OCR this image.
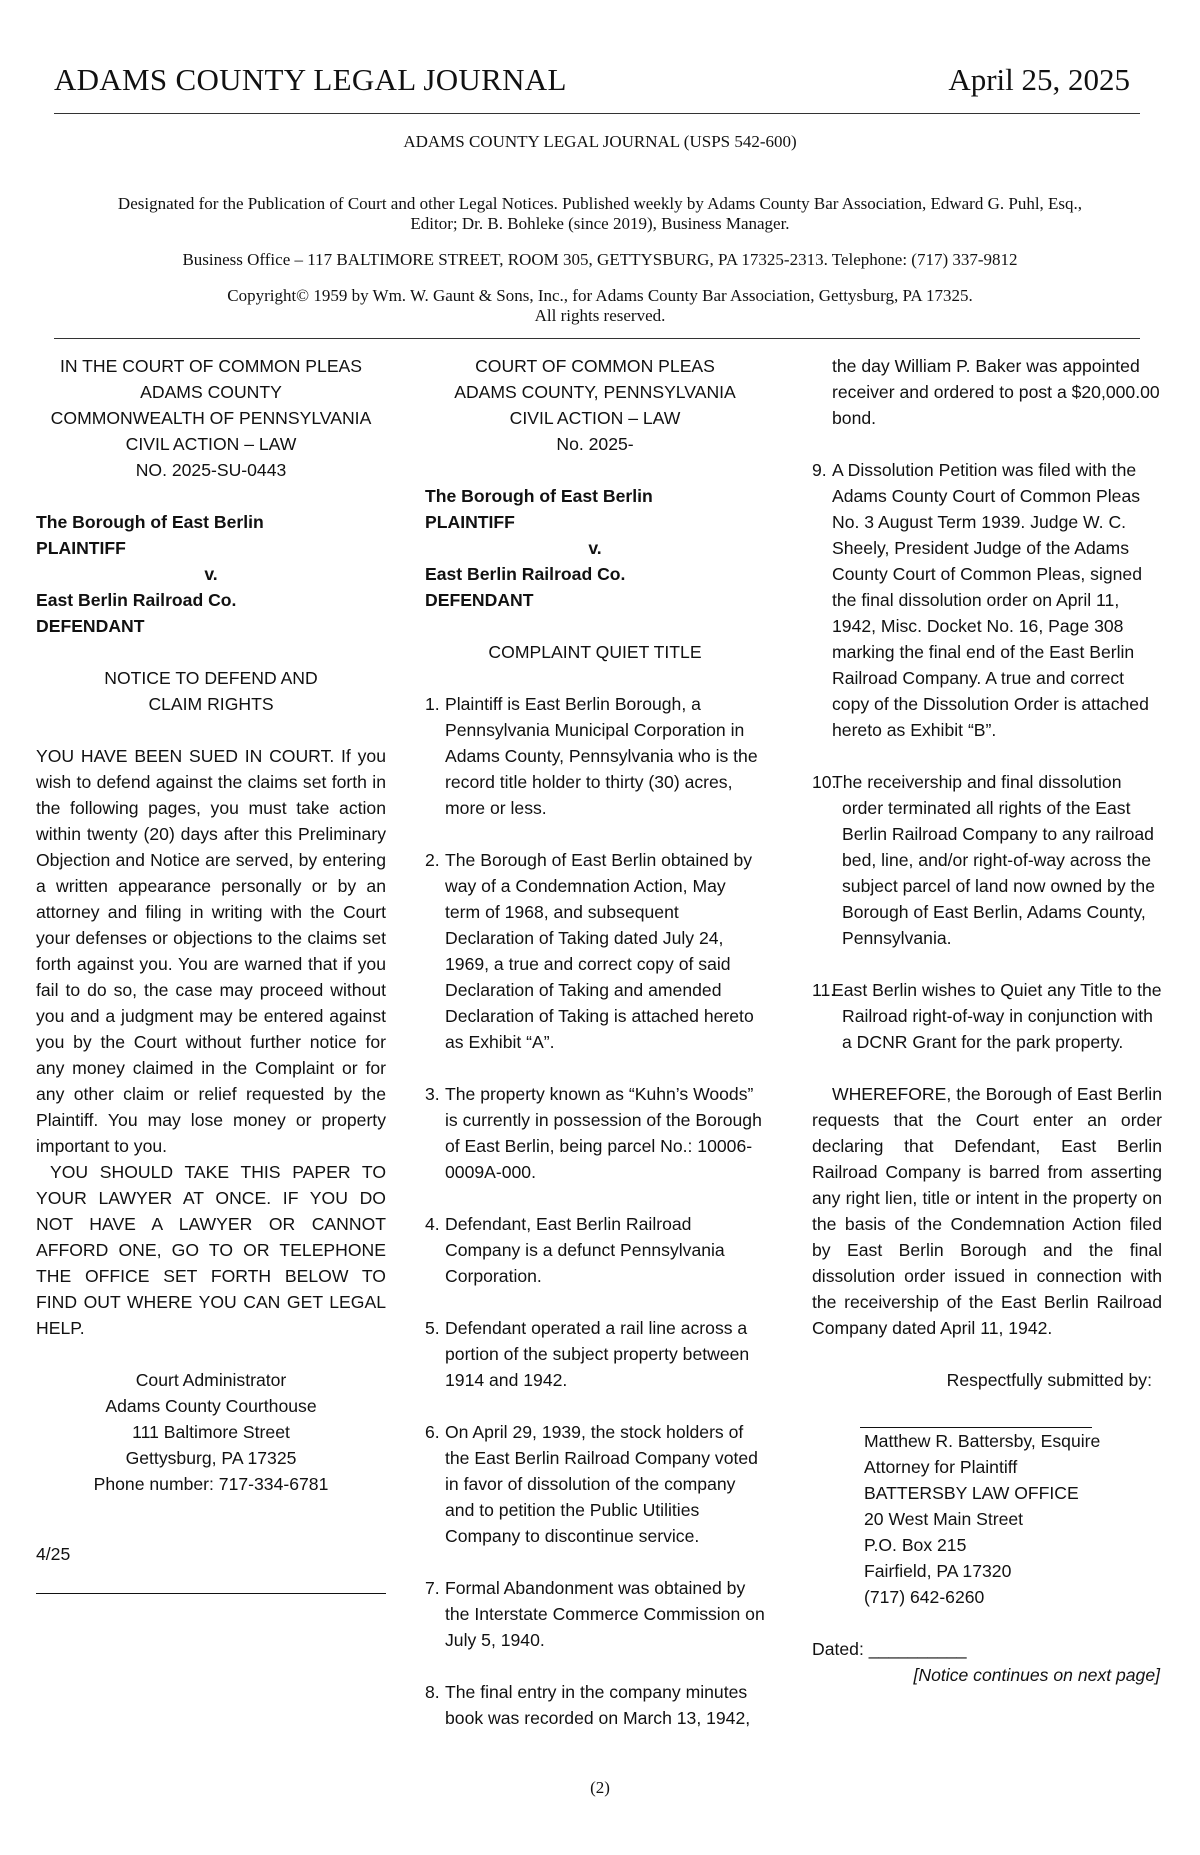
ADAMS COUNTY LEGAL JOURNAL	April 25, 2025
ADAMS COUNTY LEGAL JOURNAL (USPS 542-600)
Designated for the Publication of Court and other Legal Notices. Published weekly by Adams County Bar Association, Edward G. Puhl, Esq., Editor; Dr. B. Bohleke (since 2019), Business Manager.
Business Office – 117 BALTIMORE STREET, ROOM 305, GETTYSBURG, PA 17325-2313. Telephone: (717) 337-9812
Copyright© 1959 by Wm. W. Gaunt & Sons, Inc., for Adams County Bar Association, Gettysburg, PA 17325.
All rights reserved.
IN THE COURT OF COMMON PLEAS
ADAMS COUNTY
COMMONWEALTH OF PENNSYLVANIA
CIVIL ACTION – LAW
NO. 2025-SU-0443
The Borough of East Berlin
PLAINTIFF
v.
East Berlin Railroad Co.
DEFENDANT
NOTICE TO DEFEND AND
CLAIM RIGHTS
YOU HAVE BEEN SUED IN COURT. If you wish to defend against the claims set forth in the following pages, you must take action within twenty (20) days after this Preliminary Objection and Notice are served, by entering a written appearance personally or by an attorney and filing in writing with the Court your defenses or objections to the claims set forth against you. You are warned that if you fail to do so, the case may proceed without you and a judgment may be entered against you by the Court without further notice for any money claimed in the Complaint or for any other claim or relief requested by the Plaintiff. You may lose money or property important to you.
YOU SHOULD TAKE THIS PAPER TO YOUR LAWYER AT ONCE. IF YOU DO NOT HAVE A LAWYER OR CANNOT AFFORD ONE, GO TO OR TELEPHONE THE OFFICE SET FORTH BELOW TO FIND OUT WHERE YOU CAN GET LEGAL HELP.
Court Administrator
Adams County Courthouse
111 Baltimore Street
Gettysburg, PA 17325
Phone number: 717-334-6781
4/25
COURT OF COMMON PLEAS
ADAMS COUNTY, PENNSYLVANIA
CIVIL ACTION – LAW
No. 2025-
The Borough of East Berlin
PLAINTIFF
v.
East Berlin Railroad Co.
DEFENDANT
COMPLAINT QUIET TITLE
1. Plaintiff is East Berlin Borough, a Pennsylvania Municipal Corporation in Adams County, Pennsylvania who is the record title holder to thirty (30) acres, more or less.
2. The Borough of East Berlin obtained by way of a Condemnation Action, May term of 1968, and subsequent Declaration of Taking dated July 24, 1969, a true and correct copy of said Declaration of Taking and amended Declaration of Taking is attached hereto as Exhibit “A”.
3. The property known as “Kuhn’s Woods” is currently in possession of the Borough of East Berlin, being parcel No.: 10006-0009A-000.
4. Defendant, East Berlin Railroad Company is a defunct Pennsylvania Corporation.
5. Defendant operated a rail line across a portion of the subject property between 1914 and 1942.
6. On April 29, 1939, the stock holders of the East Berlin Railroad Company voted in favor of dissolution of the company and to petition the Public Utilities Company to discontinue service.
7. Formal Abandonment was obtained by the Interstate Commerce Commission on July 5, 1940.
8. The final entry in the company minutes book was recorded on March 13, 1942,
the day William P. Baker was appointed receiver and ordered to post a $20,000.00 bond.
9. A Dissolution Petition was filed with the Adams County Court of Common Pleas No. 3 August Term 1939. Judge W. C. Sheely, President Judge of the Adams County Court of Common Pleas, signed the final dissolution order on April 11, 1942, Misc. Docket No. 16, Page 308 marking the final end of the East Berlin Railroad Company. A true and correct copy of the Dissolution Order is attached hereto as Exhibit “B”.
10.
The receivership and final dissolution order terminated all rights of the East Berlin Railroad Company to any railroad bed, line, and/or right-of-way across the subject parcel of land now owned by the Borough of East Berlin, Adams County, Pennsylvania.
11.
East Berlin wishes to Quiet any Title to the Railroad right-of-way in conjunction with a DCNR Grant for the park property.
WHEREFORE, the Borough of East Berlin requests that the Court enter an order declaring that Defendant, East Berlin Railroad Company is barred from asserting any right lien, title or intent in the property on the basis of the Condemnation Action filed by East Berlin Borough and the final dissolution order issued in connection with the receivership of the East Berlin Railroad Company dated April 11, 1942.
Respectfully submitted by:
Matthew R. Battersby, Esquire
Attorney for Plaintiff
BATTERSBY LAW OFFICE
20 West Main Street
P.O. Box 215
Fairfield, PA 17320
(717) 642-6260
Dated: __________
[Notice continues on next page]
(2)
